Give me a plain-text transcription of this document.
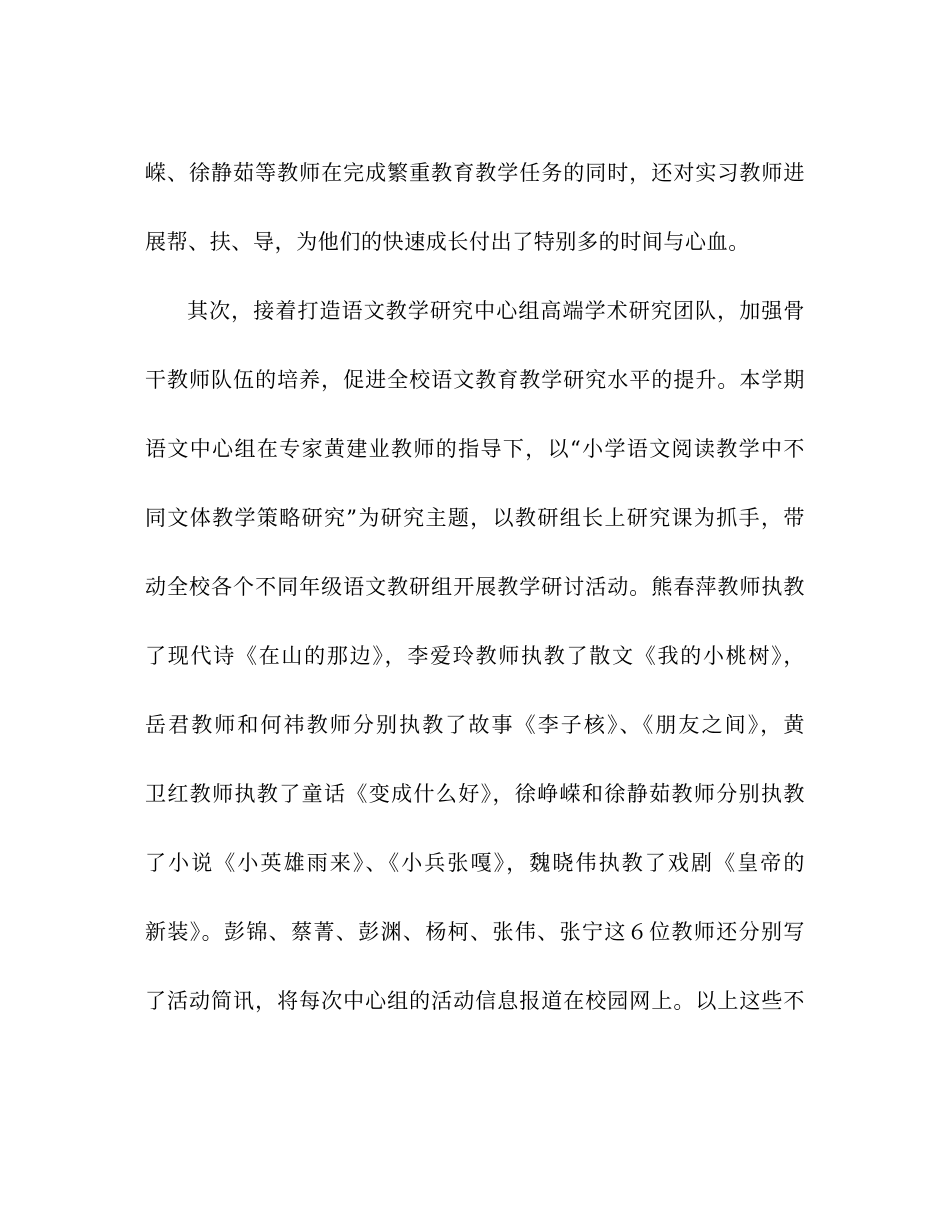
嵘、徐静茹等教师在完成繁重教育教学任务的同时，还对实习教师进
展帮、扶、导，为他们的快速成长付出了特别多的时间与心血。
其次，接着打造语文教学研究中心组高端学术研究团队，加强骨
干教师队伍的培养，促进全校语文教育教学研究水平的提升。本学期
语文中心组在专家黄建业教师的指导下，以“小学语文阅读教学中不
同文体教学策略研究”为研究主题，以教研组长上研究课为抓手，带
动全校各个不同年级语文教研组开展教学研讨活动。熊春萍教师执教
了现代诗《在山的那边》，李爱玲教师执教了散文《我的小桃树》，
岳君教师和何祎教师分别执教了故事《李子核》、《朋友之间》，黄
卫红教师执教了童话《变成什么好》，徐峥嵘和徐静茹教师分别执教
了小说《小英雄雨来》、《小兵张嘎》，魏晓伟执教了戏剧《皇帝的
新装》。彭锦、蔡菁、彭渊、杨柯、张伟、张宁这６位教师还分别写
了活动简讯，将每次中心组的活动信息报道在校园网上。以上这些不
